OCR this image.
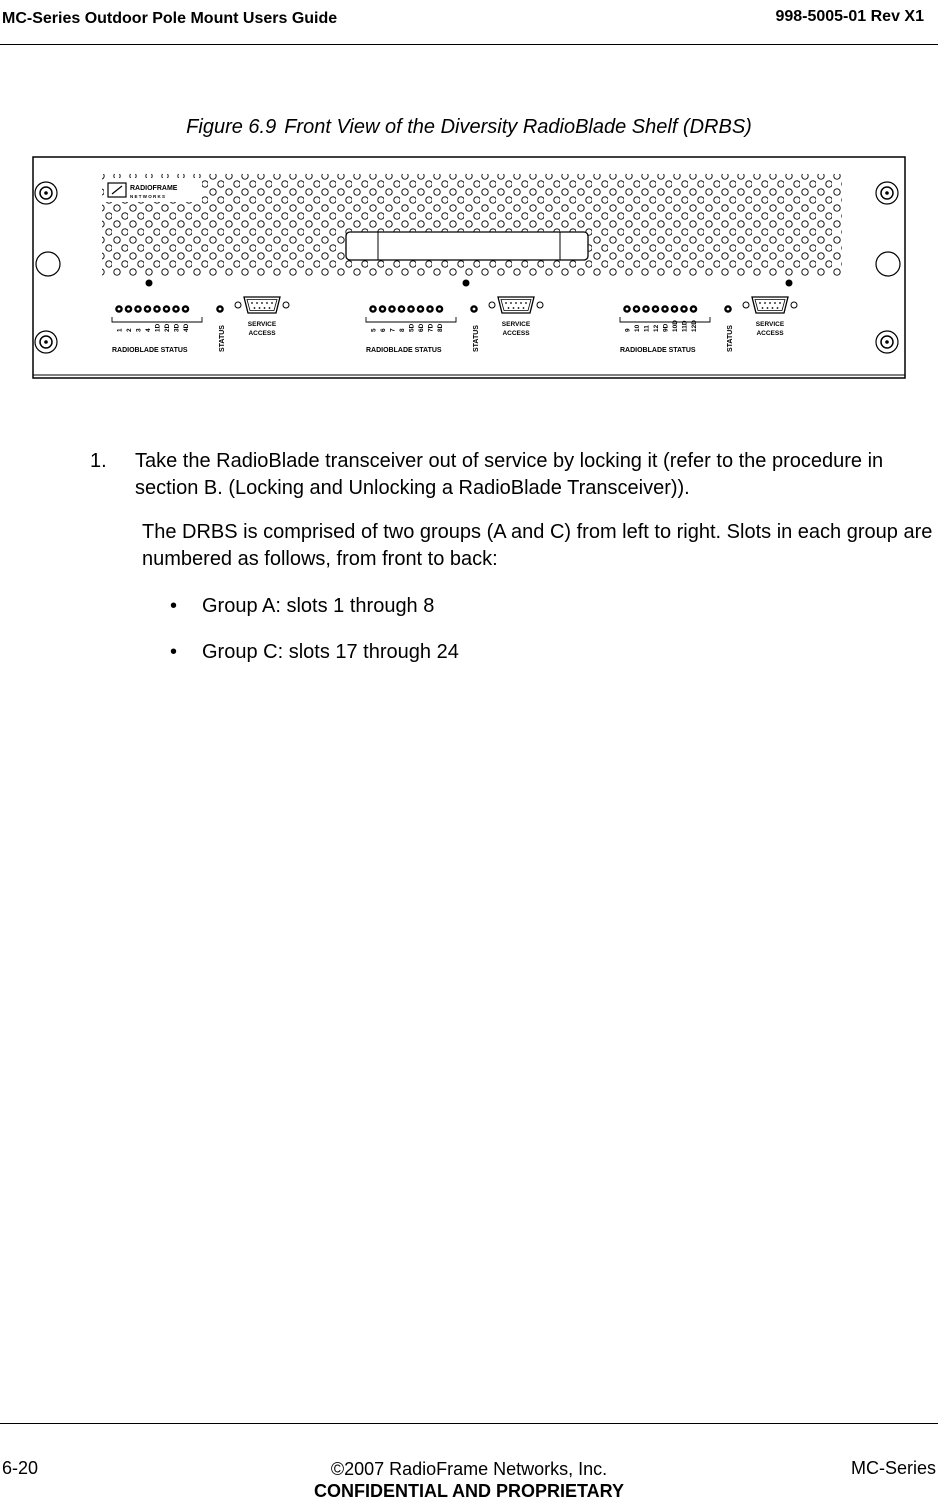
MC-Series Outdoor Pole Mount Users Guide	998-5005-01 Rev X1
Figure 6.9 Front View of the Diversity RadioBlade Shelf (DRBS)
RADIOFRAME
N E T W O R K S
1 2 3 4 1D 2D 3D 4D
RADIOBLADE STATUS	STATUS
SERVICE
ACCESS	5 6 7 8 5D 6D 7D 8D
RADIOBLADE STATUS	STATUS
SERVICE
ACCESS	9 10 11 12 9D 10D 11D 12D
RADIOBLADE STATUS	STATUS
SERVICE
ACCESS
1. Take the RadioBlade transceiver out of service by locking it (refer to the procedure in section B. (Locking and Unlocking a RadioBlade Transceiver)).
The DRBS is comprised of two groups (A and C) from left to right. Slots in each group are numbered as follows, from front to back:
• Group A: slots 1 through 8
• Group C: slots 17 through 24
6-20	©2007 RadioFrame Networks, Inc.
CONFIDENTIAL AND PROPRIETARY
MC-Series
